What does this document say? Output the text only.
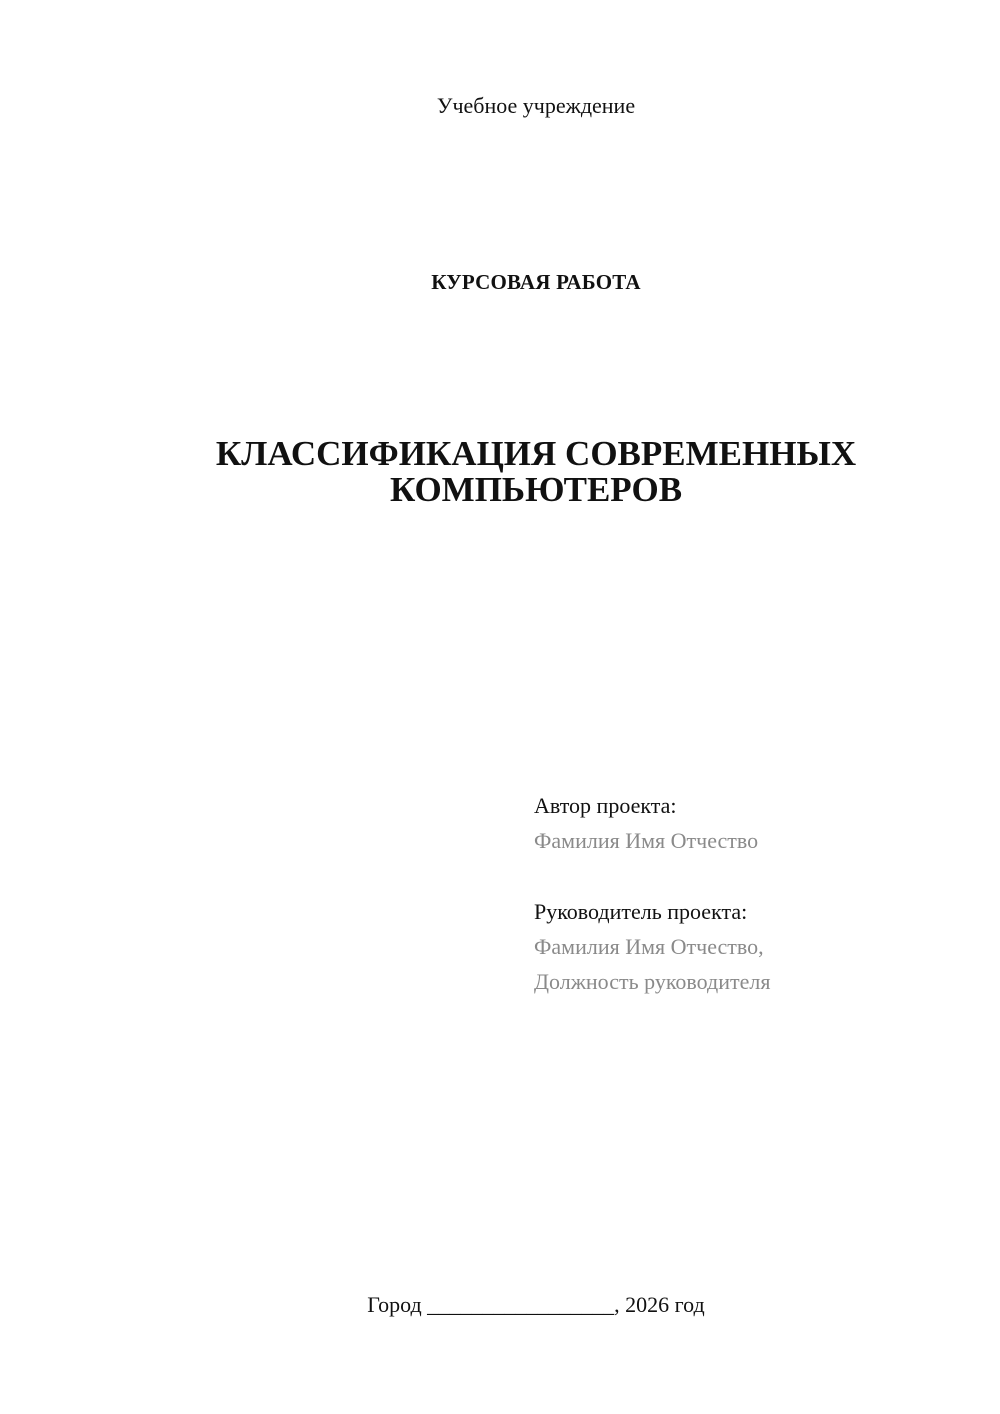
Учебное учреждение
КУРСОВАЯ РАБОТА
КЛАССИФИКАЦИЯ СОВРЕМЕННЫХ
КОМПЬЮТЕРОВ
Автор проекта:
Фамилия Имя Отчество
Руководитель проекта:
Фамилия Имя Отчество,
Должность руководителя
Город _________________, 2026 год
